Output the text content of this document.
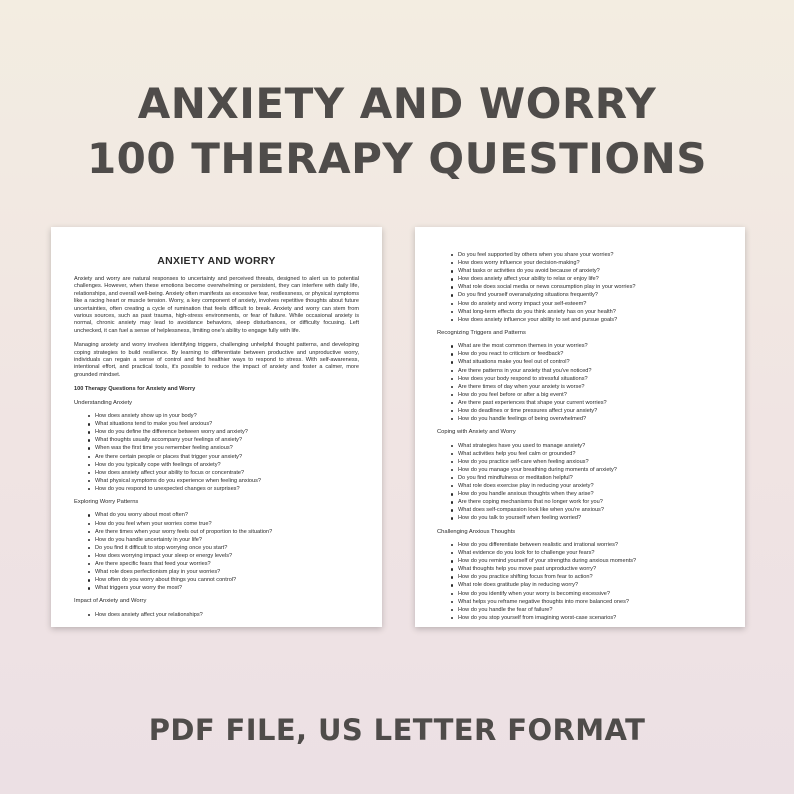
ANXIETY AND WORRY
100 THERAPY QUESTIONS
ANXIETY AND WORRY

Anxiety and worry are natural responses to uncertainty and perceived threats, designed to alert us to potential challenges. However, when these emotions become overwhelming or persistent, they can interfere with daily life, relationships, and overall well-being. Anxiety often manifests as excessive fear, restlessness, or physical symptoms like a racing heart or muscle tension. Worry, a key component of anxiety, involves repetitive thoughts about future uncertainties, often creating a cycle of rumination that feels difficult to break. Anxiety and worry can stem from various sources, such as past trauma, high-stress environments, or fear of failure. While occasional anxiety is normal, chronic anxiety may lead to avoidance behaviors, sleep disturbances, or difficulty focusing. Left unchecked, it can fuel a sense of helplessness, limiting one's ability to engage fully with life.

Managing anxiety and worry involves identifying triggers, challenging unhelpful thought patterns, and developing coping strategies to build resilience. By learning to differentiate between productive and unproductive worry, individuals can regain a sense of control and find healthier ways to respond to stress. With self-awareness, intentional effort, and practical tools, it's possible to reduce the impact of anxiety and foster a calmer, more grounded mindset.

100 Therapy Questions for Anxiety and Worry
Understanding Anxiety
How does anxiety show up in your body?
What situations tend to make you feel anxious?
How do you define the difference between worry and anxiety?
What thoughts usually accompany your feelings of anxiety?
When was the first time you remember feeling anxious?
Are there certain people or places that trigger your anxiety?
How do you typically cope with feelings of anxiety?
How does anxiety affect your ability to focus or concentrate?
What physical symptoms do you experience when feeling anxious?
How do you respond to unexpected changes or surprises?
Exploring Worry Patterns
What do you worry about most often?
How do you feel when your worries come true?
Are there times when your worry feels out of proportion to the situation?
How do you handle uncertainty in your life?
Do you find it difficult to stop worrying once you start?
How does worrying impact your sleep or energy levels?
Are there specific fears that feed your worries?
What role does perfectionism play in your worries?
How often do you worry about things you cannot control?
What triggers your worry the most?
Impact of Anxiety and Worry
How does anxiety affect your relationships?
Do you feel supported by others when you share your worries?
How does worry influence your decision-making?
What tasks or activities do you avoid because of anxiety?
How does anxiety affect your ability to relax or enjoy life?
What role does social media or news consumption play in your worries?
Do you find yourself overanalyzing situations frequently?
How do anxiety and worry impact your self-esteem?
What long-term effects do you think anxiety has on your health?
How does anxiety influence your ability to set and pursue goals?
Recognizing Triggers and Patterns
What are the most common themes in your worries?
How do you react to criticism or feedback?
What situations make you feel out of control?
Are there patterns in your anxiety that you've noticed?
How does your body respond to stressful situations?
Are there times of day when your anxiety is worse?
How do you feel before or after a big event?
Are there past experiences that shape your current worries?
How do deadlines or time pressures affect your anxiety?
How do you handle feelings of being overwhelmed?
Coping with Anxiety and Worry
What strategies have you used to manage anxiety?
What activities help you feel calm or grounded?
How do you practice self-care when feeling anxious?
How do you manage your breathing during moments of anxiety?
Do you find mindfulness or meditation helpful?
What role does exercise play in reducing your anxiety?
How do you handle anxious thoughts when they arise?
Are there coping mechanisms that no longer work for you?
What does self-compassion look like when you're anxious?
How do you talk to yourself when feeling worried?
Challenging Anxious Thoughts
How do you differentiate between realistic and irrational worries?
What evidence do you look for to challenge your fears?
How do you remind yourself of your strengths during anxious moments?
What thoughts help you move past unproductive worry?
How do you practice shifting focus from fear to action?
What role does gratitude play in reducing worry?
How do you identify when your worry is becoming excessive?
What helps you reframe negative thoughts into more balanced ones?
How do you handle the fear of failure?
How do you stop yourself from imagining worst-case scenarios?
PDF FILE, US LETTER FORMAT
